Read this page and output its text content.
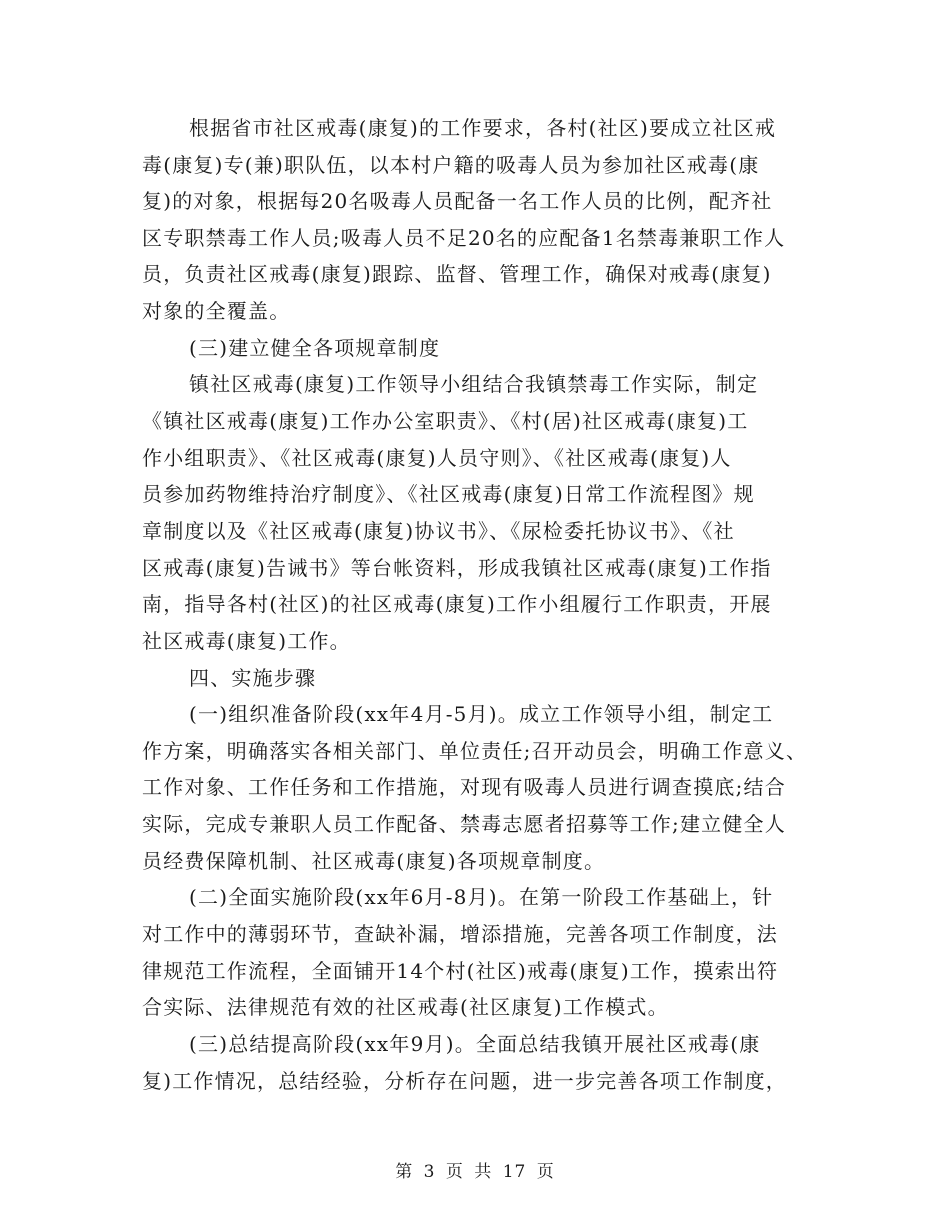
根据省市社区戒毒(康复)的工作要求，各村(社区)要成立社区戒
毒(康复)专(兼)职队伍，以本村户籍的吸毒人员为参加社区戒毒(康
复)的对象，根据每20名吸毒人员配备一名工作人员的比例，配齐社
区专职禁毒工作人员;吸毒人员不足20名的应配备1名禁毒兼职工作人
员，负责社区戒毒(康复)跟踪、监督、管理工作，确保对戒毒(康复)
对象的全覆盖。
(三)建立健全各项规章制度
镇社区戒毒(康复)工作领导小组结合我镇禁毒工作实际，制定
《镇社区戒毒(康复)工作办公室职责》、《村(居)社区戒毒(康复)工
作小组职责》、《社区戒毒(康复)人员守则》、《社区戒毒(康复)人
员参加药物维持治疗制度》、《社区戒毒(康复)日常工作流程图》规
章制度以及《社区戒毒(康复)协议书》、《尿检委托协议书》、《社
区戒毒(康复)告诫书》等台帐资料，形成我镇社区戒毒(康复)工作指
南，指导各村(社区)的社区戒毒(康复)工作小组履行工作职责，开展
社区戒毒(康复)工作。
四、实施步骤
(一)组织准备阶段(xx年4月-5月)。成立工作领导小组，制定工
作方案，明确落实各相关部门、单位责任;召开动员会，明确工作意义、
工作对象、工作任务和工作措施，对现有吸毒人员进行调查摸底;结合
实际，完成专兼职人员工作配备、禁毒志愿者招募等工作;建立健全人
员经费保障机制、社区戒毒(康复)各项规章制度。
(二)全面实施阶段(xx年6月-8月)。在第一阶段工作基础上，针
对工作中的薄弱环节，查缺补漏，增添措施，完善各项工作制度，法
律规范工作流程，全面铺开14个村(社区)戒毒(康复)工作，摸索出符
合实际、法律规范有效的社区戒毒(社区康复)工作模式。
(三)总结提高阶段(xx年9月)。全面总结我镇开展社区戒毒(康
复)工作情况，总结经验，分析存在问题，进一步完善各项工作制度，
第 3 页 共 17 页
